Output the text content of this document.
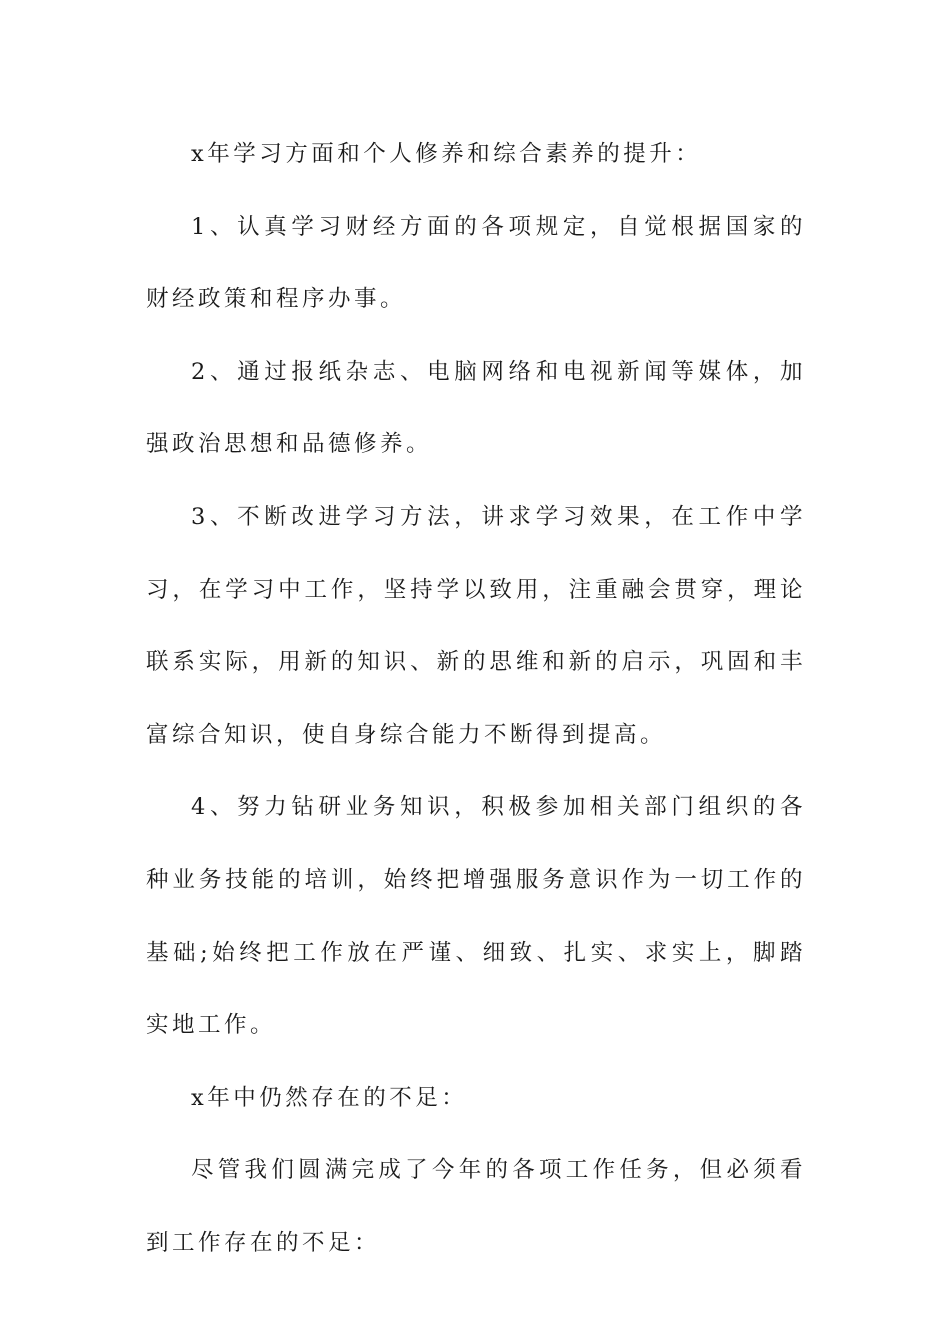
x年学习方面和个人修养和综合素养的提升：

1、认真学习财经方面的各项规定，自觉根据国家的财经政策和程序办事。

2、通过报纸杂志、电脑网络和电视新闻等媒体，加强政治思想和品德修养。

3、不断改进学习方法，讲求学习效果，在工作中学习，在学习中工作，坚持学以致用，注重融会贯穿，理论联系实际，用新的知识、新的思维和新的启示，巩固和丰富综合知识，使自身综合能力不断得到提高。

4、努力钻研业务知识，积极参加相关部门组织的各种业务技能的培训，始终把增强服务意识作为一切工作的基础;始终把工作放在严谨、细致、扎实、求实上，脚踏实地工作。

x年中仍然存在的不足：

尽管我们圆满完成了今年的各项工作任务，但必须看到工作存在的不足：
